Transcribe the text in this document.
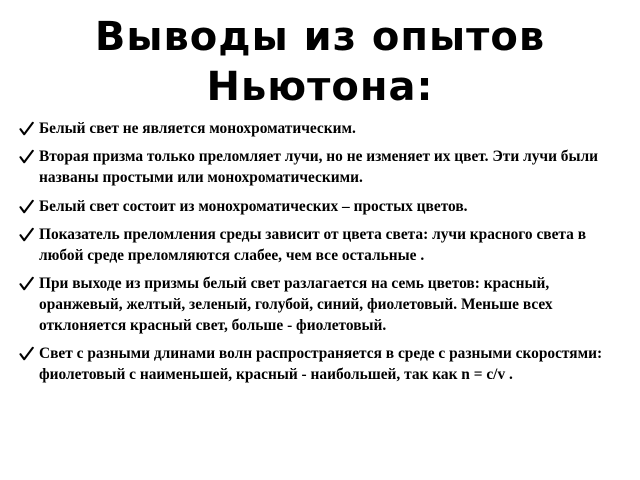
Выводы из опытов
Ньютона:
Белый свет не является монохроматическим.
Вторая призма только преломляет лучи, но не изменяет их цвет. Эти лучи были названы простыми или монохроматическими.
Белый свет состоит из монохроматических – простых цветов.
Показатель преломления среды зависит от цвета света: лучи красного света в любой среде преломляются слабее, чем все остальные .
При выходе из призмы белый свет разлагается на семь цветов: красный, оранжевый, желтый, зеленый, голубой, синий, фиолетовый. Меньше всех отклоняется красный свет, больше - фиолетовый.
Свет с разными длинами волн распространяется в среде с разными скоростями: фиолетовый с наименьшей, красный - наибольшей, так как n = c/v .
